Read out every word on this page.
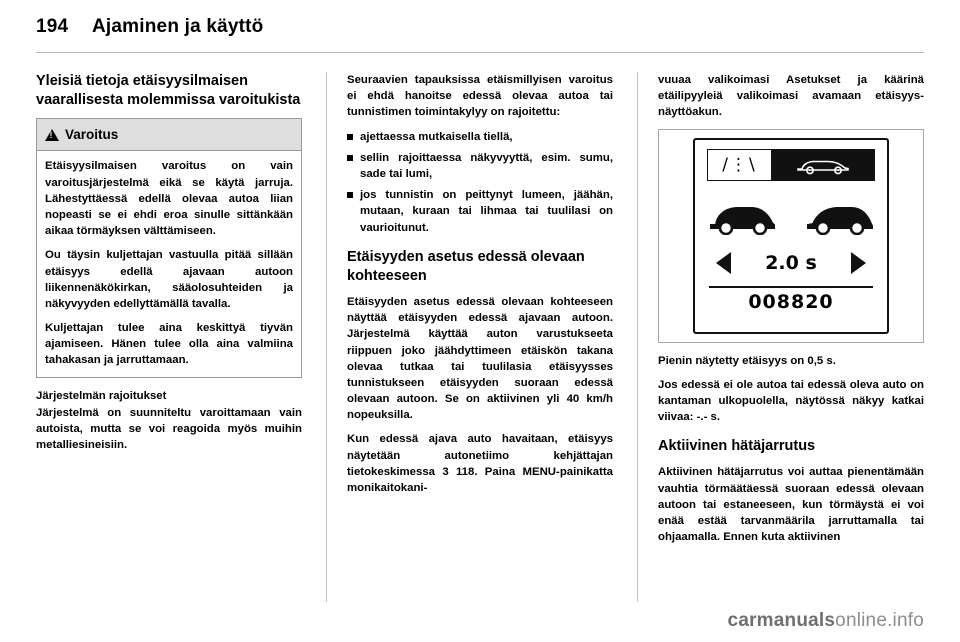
194	Ajaminen ja käyttö
Yleisiä tietoja etäisyysilmaisen vaarallisesta molemmissa varoitukista
!
Varoitus

Etäisyysilmaisen varoitus on vain varoitusjärjestelmä eikä se käytä jarruja. Lähestyttäessä edellä olevaa autoa liian nopeasti se ei ehdi eroa sinulle sittänkään aikaa törmäyksen välttämiseen.

Ou täysin kuljettajan vastuulla pitää sillään etäisyys edellä ajavaan autoon liikennenäkökirkan, sääolosuhteiden ja näkyvyyden edellyttämällä tavalla.

Kuljettajan tulee aina keskittyä tiyvän ajamiseen. Hänen tulee olla aina valmiina tahakasan ja jarruttamaan.

Järjestelmän rajoitukset

Järjestelmä on suunniteltu varoittamaan vain autoista, mutta se voi reagoida myös muihin metalliesineisiin.

Seuraavien tapauksissa etäismillyisen varoitus ei ehdä hanoitse edessä olevaa autoa tai tunnistimen toimintakylyy on rajoitettu:

ajettaessa mutkaisella tiellä,
sellin rajoittaessa näkyvyyttä, esim. sumu, sade tai lumi,
jos tunnistin on peittynyt lumeen, jäähän, mutaan, kuraan tai lihmaa tai tuulilasi on vaurioitunut.
Etäisyyden asetus edessä olevaan kohteeseen

Etäisyyden asetus edessä olevaan kohteeseen näyttää etäisyyden edessä ajavaan autoon. Järjestelmä käyttää auton varustukseeta riippuen joko jäähdyttimeen etäiskön takana olevaa tutkaa tai tuulilasia etäisyysses tunnistukseen etäisyyden suoraan edessä olevaan autoon. Se on aktiivinen yli 40 km/h nopeuksilla.

Kun edessä ajava auto havaitaan, etäisyys näytetään autonetiimo kehjättajan tietokeskimessa 3 118. Paina MENU-painikatta monikaitokani-

vuuaa valikoimasi Asetukset ja käärinä etäilipyyleiä valikoimasi avamaan etäisyysnäyttöakun.

/⋮\
2.0 s
008820

Pienin näytetty etäisyys on 0,5 s.

Jos edessä ei ole autoa tai edessä oleva auto on kantaman ulkopuolella, näytössä näkyy katkai viivaa: -.- s.

Aktiivinen hätäjarrutus

Aktiivinen hätäjarrutus voi auttaa pienentämään vauhtia törmäätäessä suoraan edessä olevaan autoon tai estaneeseen, kun törmäystä ei voi enää estää tarvanmäärila jarruttamalla tai ohjaamalla. Ennen kuta aktiivinen

carmanualsonline.info
